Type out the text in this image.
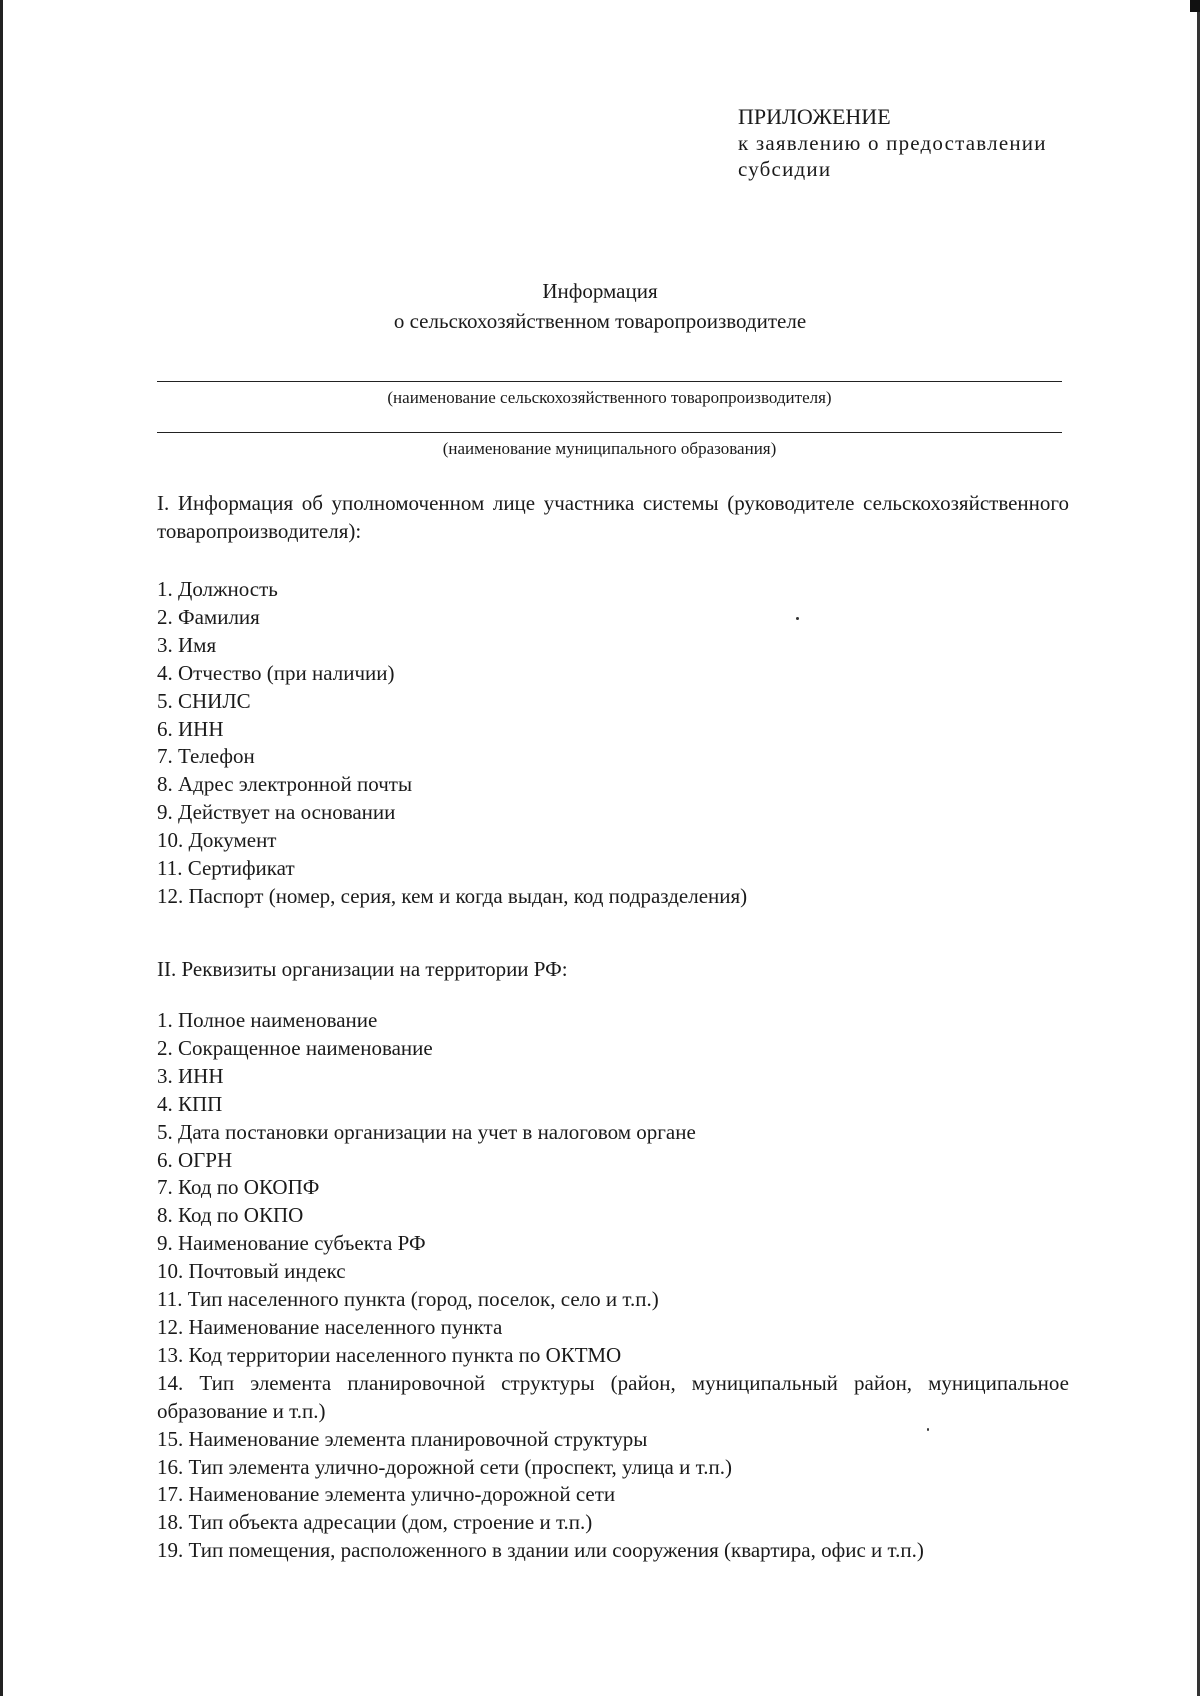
ПРИЛОЖЕНИЕ
к заявлению о предоставлении
субсидии
Информация
о сельскохозяйственном товаропроизводителе
(наименование сельскохозяйственного товаропроизводителя)
(наименование муниципального образования)
I. Информация об уполномоченном лице участника системы (руководителе сельскохозяйственного товаропроизводителя):
1. Должность
2. Фамилия
3. Имя
4. Отчество (при наличии)
5. СНИЛС
6. ИНН
7. Телефон
8. Адрес электронной почты
9. Действует на основании
10. Документ
11. Сертификат
12. Паспорт (номер, серия, кем и когда выдан, код подразделения)
II. Реквизиты организации на территории РФ:
1. Полное наименование
2. Сокращенное наименование
3. ИНН
4. КПП
5. Дата постановки организации на учет в налоговом органе
6. ОГРН
7. Код по ОКОПФ
8. Код по ОКПО
9. Наименование субъекта РФ
10. Почтовый индекс
11. Тип населенного пункта (город, поселок, село и т.п.)
12. Наименование населенного пункта
13. Код территории населенного пункта по ОКТМО
14. Тип элемента планировочной структуры (район, муниципальный район, муниципальное образование и т.п.)
15. Наименование элемента планировочной структуры
16. Тип элемента улично-дорожной сети (проспект, улица и т.п.)
17. Наименование элемента улично-дорожной сети
18. Тип объекта адресации (дом, строение и т.п.)
19. Тип помещения, расположенного в здании или сооружения (квартира, офис и т.п.)
